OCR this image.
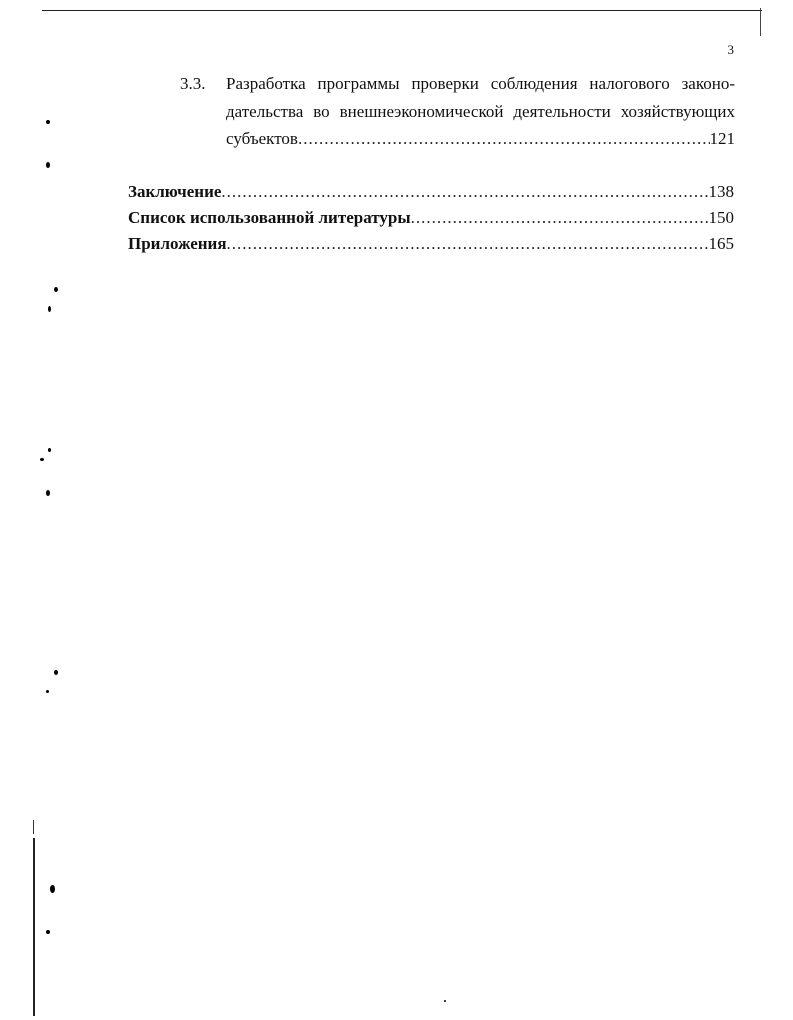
3
3.3. Разработка программы проверки соблюдения налогового законо-
дательства во внешнеэкономической деятельности хозяйствующих
субъектов .....	121
Заключение .....	138
Список использованной литературы .....	150
Приложения .....	165
